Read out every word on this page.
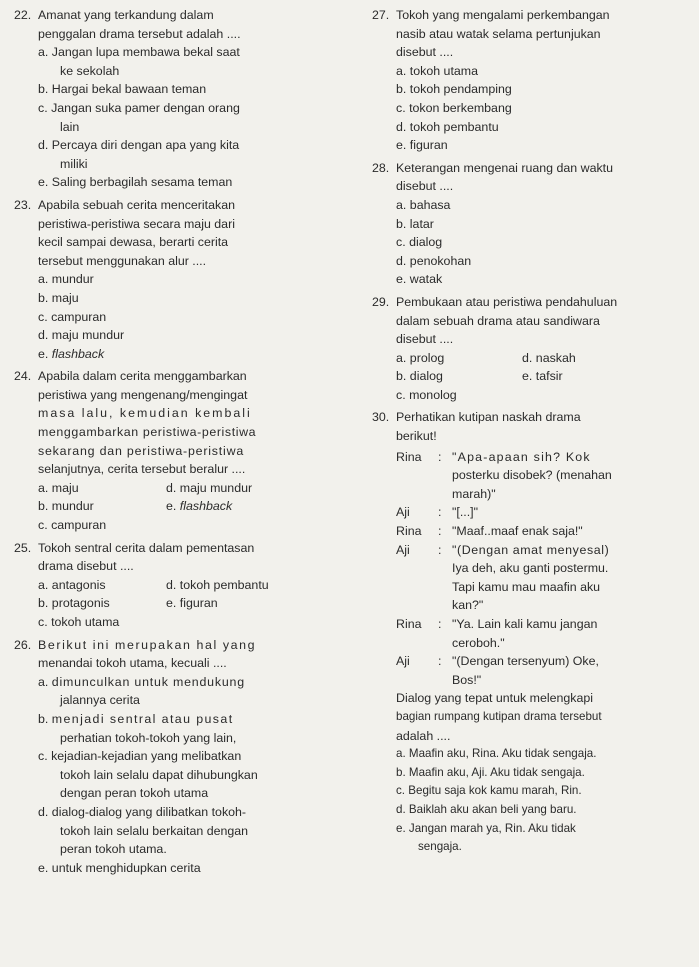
22. Amanat yang terkandung dalam
penggalan drama tersebut adalah ....
a. Jangan lupa membawa bekal saat
ke sekolah
b. Hargai bekal bawaan teman
c. Jangan suka pamer dengan orang
lain
d. Percaya diri dengan apa yang kita
miliki
e. Saling berbagilah sesama teman
23. Apabila sebuah cerita menceritakan
peristiwa-peristiwa secara maju dari
kecil sampai dewasa, berarti cerita
tersebut menggunakan alur ....
a. mundur
b. maju
c. campuran
d. maju mundur
e. flashback
24. Apabila dalam cerita menggambarkan
peristiwa yang mengenang/mengingat
masa lalu, kemudian kembali
menggambarkan peristiwa-peristiwa
sekarang dan peristiwa-peristiwa
selanjutnya, cerita tersebut beralur ....
a. maju	d. maju mundur
b. mundur	e. flashback
c. campuran
25. Tokoh sentral cerita dalam pementasan
drama disebut ....
a. antagonis	d. tokoh pembantu
b. protagonis	e. figuran
c. tokoh utama
26. Berikut ini merupakan hal yang
menandai tokoh utama, kecuali ....
a. dimunculkan untuk mendukung
jalannya cerita
b. menjadi sentral atau pusat
perhatian tokoh-tokoh yang lain,
c. kejadian-kejadian yang melibatkan
tokoh lain selalu dapat dihubungkan
dengan peran tokoh utama
d. dialog-dialog yang dilibatkan tokoh-
tokoh lain selalu berkaitan dengan
peran tokoh utama.
e. untuk menghidupkan cerita
27. Tokoh yang mengalami perkembangan
nasib atau watak selama pertunjukan
disebut ....
a. tokoh utama
b. tokoh pendamping
c. tokon berkembang
d. tokoh pembantu
e. figuran
28. Keterangan mengenai ruang dan waktu
disebut ....
a. bahasa
b. latar
c. dialog
d. penokohan
e. watak
29. Pembukaan atau peristiwa pendahuluan
dalam sebuah drama atau sandiwara
disebut ....
a. prolog	d. naskah
b. dialog	e. tafsir
c. monolog
30. Perhatikan kutipan naskah drama
berikut!
Rina	: "Apa-apaan sih? Kok
posterku disobek? (menahan
marah)"
Aji	: "[...]"
Rina	: "Maaf..maaf enak saja!"
Aji	: "(Dengan amat menyesal)
Iya deh, aku ganti postermu.
Tapi kamu mau maafin aku
kan?"
Rina	: "Ya. Lain kali kamu jangan
ceroboh."
Aji	: "(Dengan tersenyum) Oke,
Bos!"
Dialog yang tepat untuk melengkapi
bagian rumpang kutipan drama tersebut
adalah ....
a. Maafin aku, Rina. Aku tidak sengaja.
b. Maafin aku, Aji. Aku tidak sengaja.
c. Begitu saja kok kamu marah, Rin.
d. Baiklah aku akan beli yang baru.
e. Jangan marah ya, Rin. Aku tidak
sengaja.
